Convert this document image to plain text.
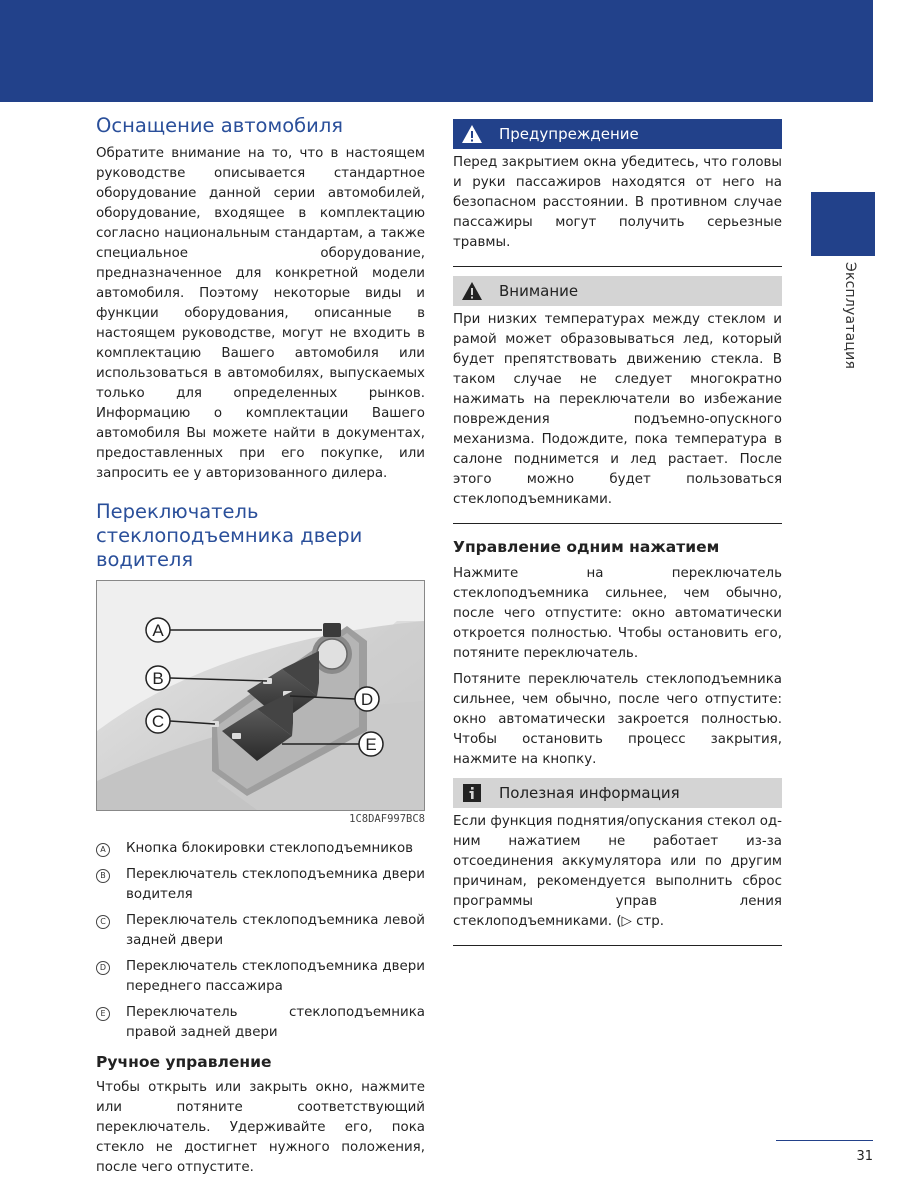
Эксплуатация
Оснащение автомобиля

Обратите внимание на то, что в настоящем руководстве описывается стандартное оборудование данной серии автомобилей, оборудование, входящее в комплектацию согласно национальным стандартам, а также специальное оборудование, предназначенное для конкретной модели автомобиля. Поэтому некоторые виды и функции оборудования, описанные в настоящем руководстве, могут не входить в комплектацию Вашего автомобиля или использоваться в автомобилях, выпускаемых только для определенных рынков. Информацию о комплектации Вашего автомобиля Вы можете найти в документах, предоставленных при его покупке, или запросить ее у авторизованного дилера.

Переключатель стеклоподъемника двери водителя
A
B
C
D
E
1C8DAF997BC8
A	Кнопка блокировки стеклоподъемников
B	Переключатель стеклоподъемника двери водителя
C	Переключатель стеклоподъемника левой задней двери
D Переключатель стеклоподъемника двери переднего пассажира
E	Переключатель стеклоподъемника правой задней двери
Ручное управление

Чтобы открыть или закрыть окно, нажмите или потяните соответствующий переключатель. Удерживайте его, пока стекло не достигнет нужного положения, после чего отпустите.

Предупреждение

Перед закрытием окна убедитесь, что головы и руки пассажиров находятся от него на безопасном расстоянии. В противном случае пассажиры могут получить серьезные травмы.

Внимание

При низких температурах между стеклом и рамой может образовываться лед, который будет препятствовать движению стекла. В таком случае не следует многократно нажимать на переключатели во избежание повреждения подъемно-опускного механизма. Подождите, пока температура в салоне поднимется и лед растает. После этого можно будет пользоваться стеклоподъемниками.

Управление одним нажатием

Нажмите на переключатель стеклоподъемника сильнее, чем обычно, после чего отпустите: окно автоматически откроется полностью. Чтобы остановить его, потяните переключатель.

Потяните переключатель стеклоподъемника сильнее, чем обычно, после чего отпустите: окно автоматически закроется полностью. Чтобы остановить процесс закрытия, нажмите на кнопку.

Полезная информация

Если функция поднятия/опускания стекол одним нажатием не работает из-за отсоединения аккумулятора или по другим причинам, рекомендуется выполнить сброс программы управ ления стеклоподъемниками. (▷ стр.

31
